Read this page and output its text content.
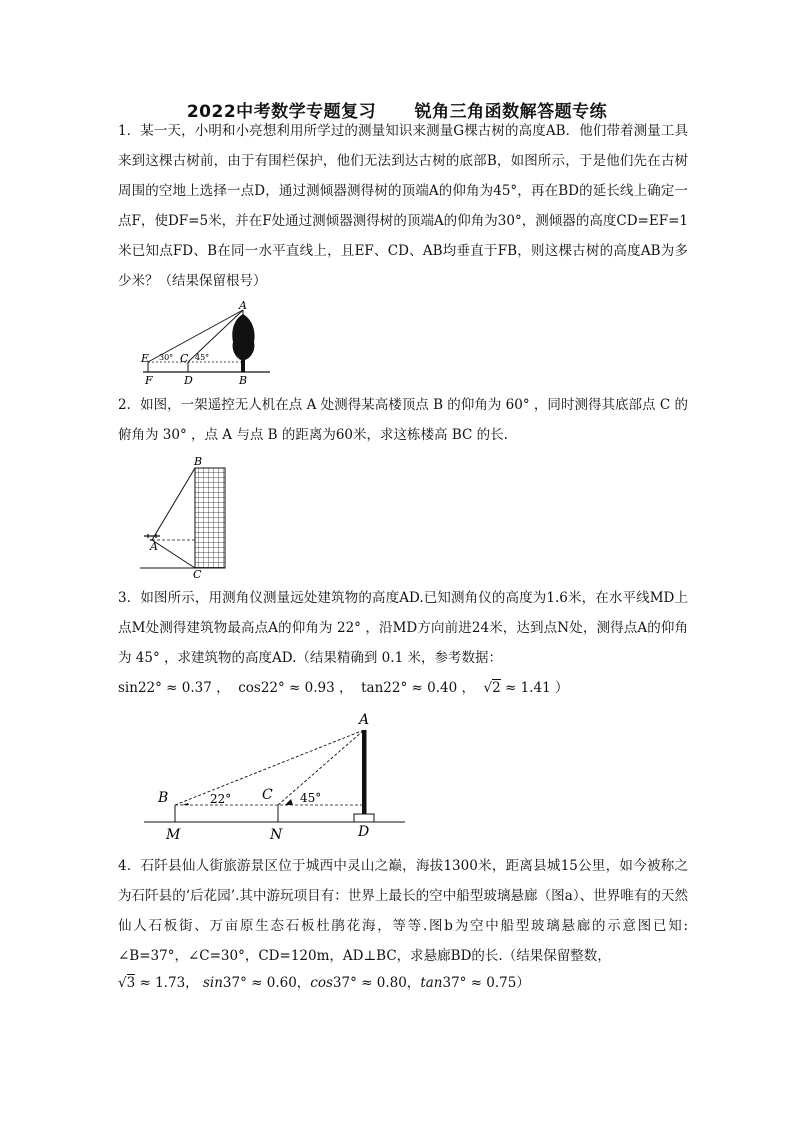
2022中考数学专题复习      锐角三角函数解答题专练

1．某一天，小明和小亮想利用所学过的测量知识来测量G棵古树的高度AB．他们带着测量工具来到这棵古树前，由于有围栏保护，他们无法到达古树的底部B，如图所示，于是他们先在古树周围的空地上选择一点D，通过测倾器测得树的顶端A的仰角为45°，再在BD的延长线上确定一点F，使DF=5米，并在F处通过测倾器测得树的顶端A的仰角为30°，测倾器的高度CD=EF=1米已知点FD、B在同一水平直线上，且EF、CD、AB均垂直于FB，则这棵古树的高度AB为多少米？（结果保留根号）

A
E	C
F	D	B
30°	45°

2．如图，一架遥控无人机在点 A 处测得某高楼顶点 B 的仰角为 60° ，同时测得其底部点 C 的俯角为 30° ，点 A 与点 B 的距离为60米，求这栋楼高 BC 的长.

B
A
C

3．如图所示，用测角仪测量远处建筑物的高度AD.已知测角仪的高度为1.6米，在水平线MD上点M处测得建筑物最高点A的仰角为 22° ，沿MD方向前进24米，达到点N处，测得点A的仰角为 45° ，求建筑物的高度AD.（结果精确到 0.1 米，参考数据：

sin22° ≈ 0.37 ， cos22° ≈ 0.93 ， tan22° ≈ 0.40 ，  √2 ≈ 1.41 ）
A
B	C
M	N	D
22°	45°

4．石阡县仙人街旅游景区位于城西中灵山之巅，海拔1300米，距离县城15公里，如今被称之为石阡县的‘后花园’.其中游玩项目有：世界上最长的空中船型玻璃悬廊（图a）、世界唯有的天然仙人石板街、万亩原生态石板杜鹃花海，等等.图b为空中船型玻璃悬廊的示意图已知: ∠B=37°，∠C=30°，CD=120m，AD⊥BC，求悬廊BD的长.（结果保留整数，

√3 ≈ 1.73， sin37° ≈ 0.60，cos37° ≈ 0.80，tan37° ≈ 0.75）
